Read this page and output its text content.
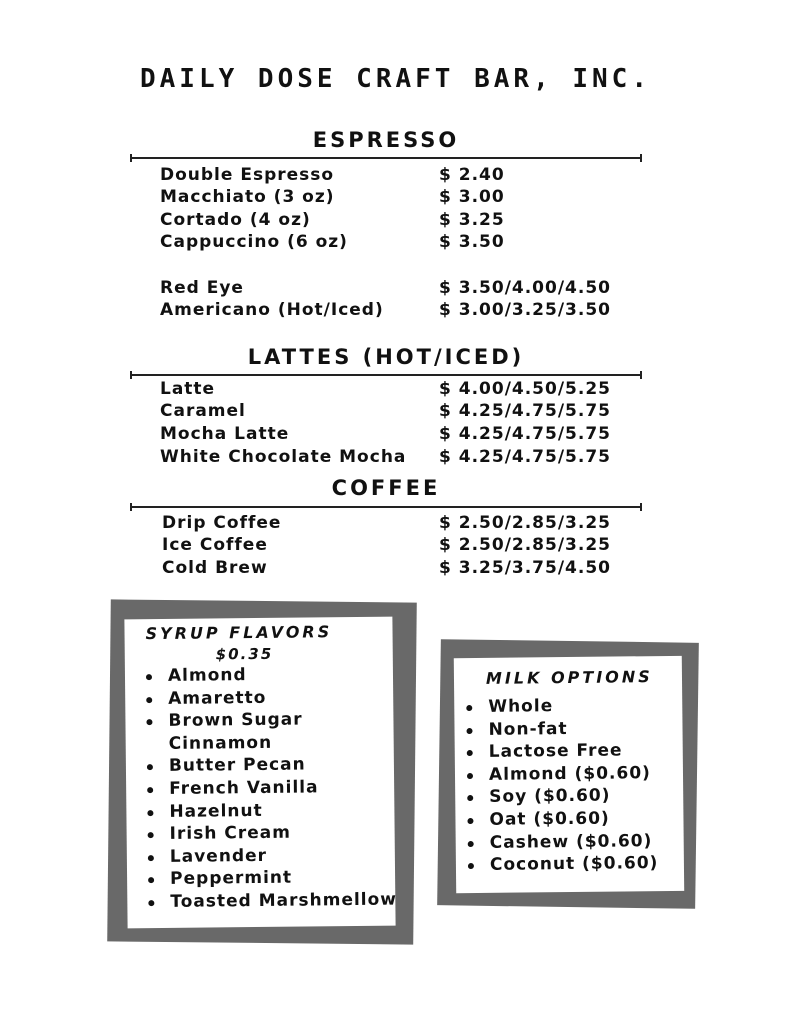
DAILY DOSE CRAFT BAR, INC.
ESPRESSO
Double Espresso	$ 2.40
Macchiato (3 oz)	$ 3.00
Cortado (4 oz)	$ 3.25
Cappuccino (6 oz)	$ 3.50
Red Eye	$ 3.50/4.00/4.50
Americano (Hot/Iced)	$ 3.00/3.25/3.50
LATTES (HOT/ICED)
Latte	$ 4.00/4.50/5.25
Caramel	$ 4.25/4.75/5.75
Mocha Latte	$ 4.25/4.75/5.75
White Chocolate Mocha $ 4.25/4.75/5.75
COFFEE
Drip Coffee	$ 2.50/2.85/3.25
Ice Coffee	$ 2.50/2.85/3.25
Cold Brew	$ 3.25/3.75/4.50
SYRUP FLAVORS
$0.35
Almond
Amaretto
Brown Sugar
Cinnamon
Butter Pecan
French Vanilla
Hazelnut
Irish Cream
Lavender
Peppermint
Toasted Marshmellow
MILK OPTIONS
Whole
Non-fat
Lactose Free
Almond ($0.60)
Soy ($0.60)
Oat ($0.60)
Cashew ($0.60)
Coconut ($0.60)
